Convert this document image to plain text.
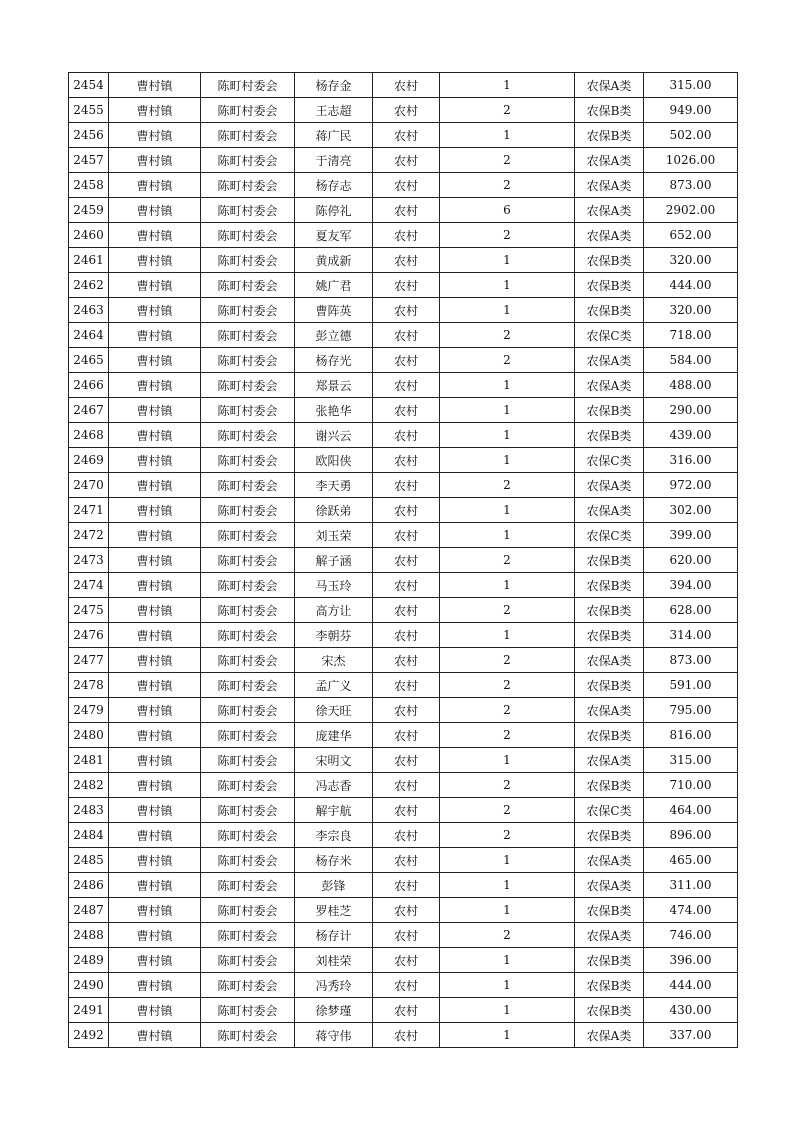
2454	曹村镇	陈町村委会	杨存金	农村	1	农保A类	315.00
2455	曹村镇	陈町村委会	王志超	农村	2	农保B类	949.00
2456	曹村镇	陈町村委会	蒋广民	农村	1	农保B类	502.00
2457	曹村镇	陈町村委会	于清亮	农村	2	农保A类	1026.00
2458	曹村镇	陈町村委会	杨存志	农村	2	农保A类	873.00
2459	曹村镇	陈町村委会	陈停礼	农村	6	农保A类	2902.00
2460	曹村镇	陈町村委会	夏友军	农村	2	农保A类	652.00
2461	曹村镇	陈町村委会	黄成新	农村	1	农保B类	320.00
2462	曹村镇	陈町村委会	姚广君	农村	1	农保B类	444.00
2463	曹村镇	陈町村委会	曹阵英	农村	1	农保B类	320.00
2464	曹村镇	陈町村委会	彭立德	农村	2	农保C类	718.00
2465	曹村镇	陈町村委会	杨存光	农村	2	农保A类	584.00
2466	曹村镇	陈町村委会	郑景云	农村	1	农保A类	488.00
2467	曹村镇	陈町村委会	张艳华	农村	1	农保B类	290.00
2468	曹村镇	陈町村委会	谢兴云	农村	1	农保B类	439.00
2469	曹村镇	陈町村委会	欧阳侠	农村	1	农保C类	316.00
2470	曹村镇	陈町村委会	李天勇	农村	2	农保A类	972.00
2471	曹村镇	陈町村委会	徐跃弟	农村	1	农保A类	302.00
2472	曹村镇	陈町村委会	刘玉荣	农村	1	农保C类	399.00
2473	曹村镇	陈町村委会	解子涵	农村	2	农保B类	620.00
2474	曹村镇	陈町村委会	马玉玲	农村	1	农保B类	394.00
2475	曹村镇	陈町村委会	高方让	农村	2	农保B类	628.00
2476	曹村镇	陈町村委会	李朝芬	农村	1	农保B类	314.00
2477	曹村镇	陈町村委会	宋杰	农村	2	农保A类	873.00
2478	曹村镇	陈町村委会	孟广义	农村	2	农保B类	591.00
2479	曹村镇	陈町村委会	徐天旺	农村	2	农保A类	795.00
2480	曹村镇	陈町村委会	庞建华	农村	2	农保B类	816.00
2481	曹村镇	陈町村委会	宋明文	农村	1	农保A类	315.00
2482	曹村镇	陈町村委会	冯志香	农村	2	农保B类	710.00
2483	曹村镇	陈町村委会	解宇航	农村	2	农保C类	464.00
2484	曹村镇	陈町村委会	李宗良	农村	2	农保B类	896.00
2485	曹村镇	陈町村委会	杨存米	农村	1	农保A类	465.00
2486	曹村镇	陈町村委会	彭锋	农村	1	农保A类	311.00
2487	曹村镇	陈町村委会	罗桂芝	农村	1	农保B类	474.00
2488	曹村镇	陈町村委会	杨存计	农村	2	农保A类	746.00
2489	曹村镇	陈町村委会	刘桂荣	农村	1	农保B类	396.00
2490	曹村镇	陈町村委会	冯秀玲	农村	1	农保B类	444.00
2491	曹村镇	陈町村委会	徐梦瑾	农村	1	农保B类	430.00
2492	曹村镇	陈町村委会	蒋守伟	农村	1	农保A类	337.00
